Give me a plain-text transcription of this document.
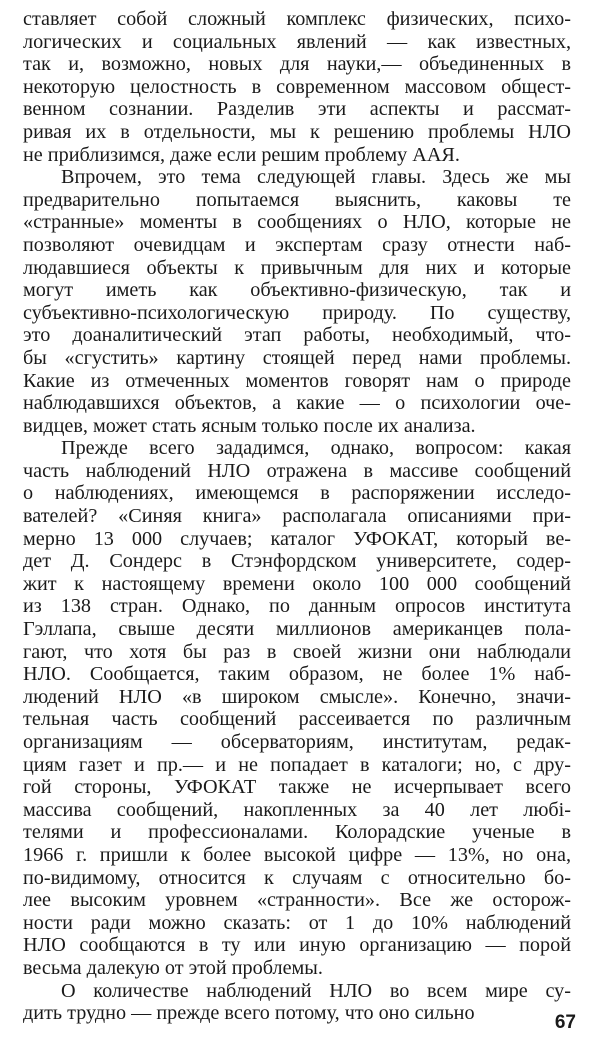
ставляет собой сложный комплекс физических, психо-
логических и социальных явлений — как известных,
так и, возможно, новых для науки,— объединенных в
некоторую целостность в современном массовом общест-
венном сознании. Разделив эти аспекты и рассмат-
ривая их в отдельности, мы к решению проблемы НЛО
не приблизимся, даже если решим проблему ААЯ.
Впрочем, это тема следующей главы. Здесь же мы
предварительно попытаемся выяснить, каковы те
«странные» моменты в сообщениях о НЛО, которые не
позволяют очевидцам и экспертам сразу отнести наб-
людавшиеся объекты к привычным для них и которые
могут иметь как объективно-физическую, так и
субъективно-психологическую природу. По существу,
это доаналитический этап работы, необходимый, что-
бы «сгустить» картину стоящей перед нами проблемы.
Какие из отмеченных моментов говорят нам о природе
наблюдавшихся объектов, а какие — о психологии оче-
видцев, может стать ясным только после их анализа.
Прежде всего зададимся, однако, вопросом: какая
часть наблюдений НЛО отражена в массиве сообщений
о наблюдениях, имеющемся в распоряжении исследо-
вателей? «Синяя книга» располагала описаниями при-
мерно 13 000 случаев; каталог УФОКАТ, который ве-
дет Д. Сондерс в Стэнфордском университете, содер-
жит к настоящему времени около 100 000 сообщений
из 138 стран. Однако, по данным опросов института
Гэллапа, свыше десяти миллионов американцев пола-
гают, что хотя бы раз в своей жизни они наблюдали
НЛО. Сообщается, таким образом, не более 1% наб-
людений НЛО «в широком смысле». Конечно, значи-
тельная часть сообщений рассеивается по различным
организациям — обсерваториям, институтам, редак-
циям газет и пр.— и не попадает в каталоги; но, с дру-
гой стороны, УФОКАТ также не исчерпывает всего
массива сообщений, накопленных за 40 лет любі-
телями и профессионалами. Колорадские ученые в
1966 г. пришли к более высокой цифре — 13%, но она,
по-видимому, относится к случаям с относительно бо-
лее высоким уровнем «странности». Все же осторож-
ности ради можно сказать: от 1 до 10% наблюдений
НЛО сообщаются в ту или иную организацию — порой
весьма далекую от этой проблемы.
О количестве наблюдений НЛО во всем мире су-
дить трудно — прежде всего потому, что оно сильно	67
